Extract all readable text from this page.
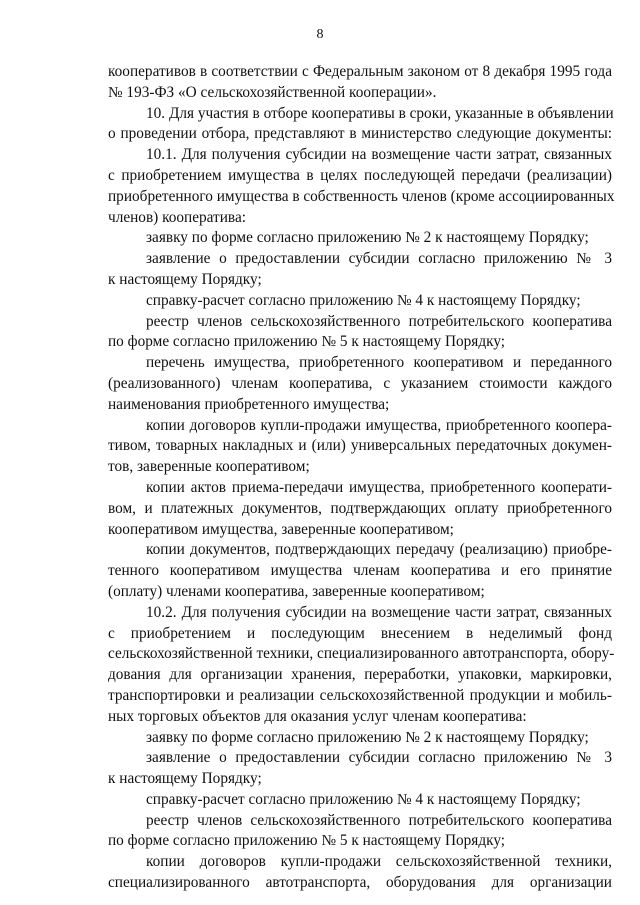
8
кооперативов в соответствии с Федеральным законом от 8 декабря 1995 года
№ 193-ФЗ «О сельскохозяйственной кооперации».
10. Для участия в отборе кооперативы в сроки, указанные в объявлении
о проведении отбора, представляют в министерство следующие документы:
10.1. Для получения субсидии на возмещение части затрат, связанных
с приобретением имущества в целях последующей передачи (реализации)
приобретенного имущества в собственность членов (кроме ассоциированных
членов) кооператива:
заявку по форме согласно приложению № 2 к настоящему Порядку;
заявление о предоставлении субсидии согласно приложению № 3
к настоящему Порядку;
справку-расчет согласно приложению № 4 к настоящему Порядку;
реестр членов сельскохозяйственного потребительского кооператива
по форме согласно приложению № 5 к настоящему Порядку;
перечень имущества, приобретенного кооперативом и переданного
(реализованного) членам кооператива, с указанием стоимости каждого
наименования приобретенного имущества;
копии договоров купли-продажи имущества, приобретенного коопера-
тивом, товарных накладных и (или) универсальных передаточных докумен-
тов, заверенные кооперативом;
копии актов приема-передачи имущества, приобретенного кооперати-
вом, и платежных документов, подтверждающих оплату приобретенного
кооперативом имущества, заверенные кооперативом;
копии документов, подтверждающих передачу (реализацию) приобре-
тенного кооперативом имущества членам кооператива и его принятие
(оплату) членами кооператива, заверенные кооперативом;
10.2. Для получения субсидии на возмещение части затрат, связанных
с приобретением и последующим внесением в неделимый фонд
сельскохозяйственной техники, специализированного автотранспорта, обору-
дования для организации хранения, переработки, упаковки, маркировки,
транспортировки и реализации сельскохозяйственной продукции и мобиль-
ных торговых объектов для оказания услуг членам кооператива:
заявку по форме согласно приложению № 2 к настоящему Порядку;
заявление о предоставлении субсидии согласно приложению № 3
к настоящему Порядку;
справку-расчет согласно приложению № 4 к настоящему Порядку;
реестр членов сельскохозяйственного потребительского кооператива
по форме согласно приложению № 5 к настоящему Порядку;
копии договоров купли-продажи сельскохозяйственной техники,
специализированного автотранспорта, оборудования для организации
